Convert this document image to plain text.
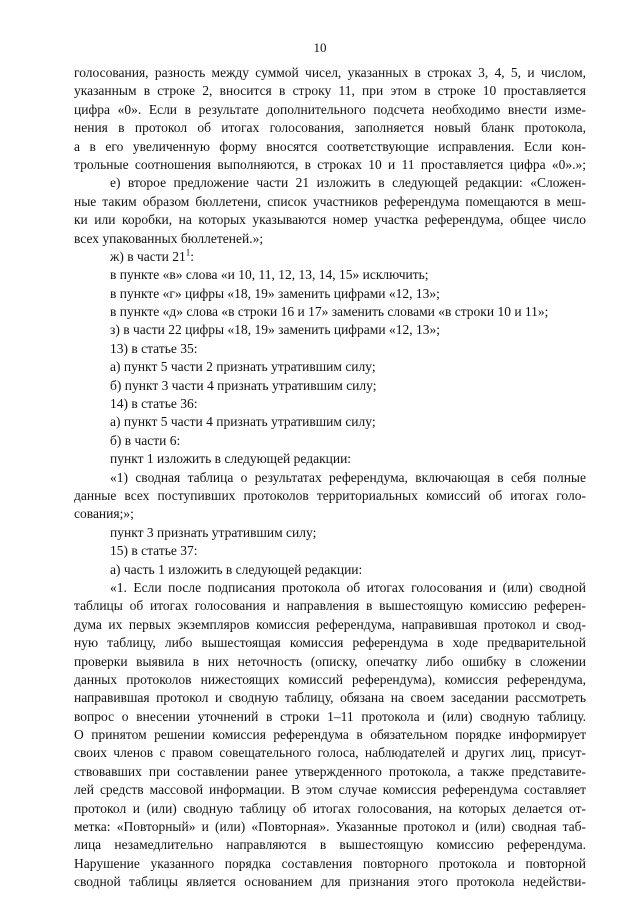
10
голосования, разность между суммой чисел, указанных в строках 3, 4, 5, и числом,
указанным в строке 2, вносится в строку 11, при этом в строке 10 проставляется
цифра «0». Если в результате дополнительного подсчета необходимо внести изме-
нения в протокол об итогах голосования, заполняется новый бланк протокола,
а в его увеличенную форму вносятся соответствующие исправления. Если кон-
трольные соотношения выполняются, в строках 10 и 11 проставляется цифра «0».»;
е) второе предложение части 21 изложить в следующей редакции: «Сложен-
ные таким образом бюллетени, список участников референдума помещаются в меш-
ки или коробки, на которых указываются номер участка референдума, общее число
всех упакованных бюллетеней.»;
ж) в части $21^1$:
в пункте «в» слова «и 10, 11, 12, 13, 14, 15» исключить;
в пункте «г» цифры «18, 19» заменить цифрами «12, 13»;
в пункте «д» слова «в строки 16 и 17» заменить словами «в строки 10 и 11»;
з) в части 22 цифры «18, 19» заменить цифрами «12, 13»;
13) в статье 35:
а) пункт 5 части 2 признать утратившим силу;
б) пункт 3 части 4 признать утратившим силу;
14) в статье 36:
а) пункт 5 части 4 признать утратившим силу;
б) в части 6:
пункт 1 изложить в следующей редакции:
«1) сводная таблица о результатах референдума, включающая в себя полные
данные всех поступивших протоколов территориальных комиссий об итогах голо-
сования;»;
пункт 3 признать утратившим силу;
15) в статье 37:
а) часть 1 изложить в следующей редакции:
«1. Если после подписания протокола об итогах голосования и (или) сводной
таблицы об итогах голосования и направления в вышестоящую комиссию референ-
дума их первых экземпляров комиссия референдума, направившая протокол и свод-
ную таблицу, либо вышестоящая комиссия референдума в ходе предварительной
проверки выявила в них неточность (описку, опечатку либо ошибку в сложении
данных протоколов нижестоящих комиссий референдума), комиссия референдума,
направившая протокол и сводную таблицу, обязана на своем заседании рассмотреть
вопрос о внесении уточнений в строки 1–11 протокола и (или) сводную таблицу.
О принятом решении комиссия референдума в обязательном порядке информирует
своих членов с правом совещательного голоса, наблюдателей и других лиц, присут-
ствовавших при составлении ранее утвержденного протокола, а также представите-
лей средств массовой информации. В этом случае комиссия референдума составляет
протокол и (или) сводную таблицу об итогах голосования, на которых делается от-
метка: «Повторный» и (или) «Повторная». Указанные протокол и (или) сводная таб-
лица незамедлительно направляются в вышестоящую комиссию референдума.
Нарушение указанного порядка составления повторного протокола и повторной
сводной таблицы является основанием для признания этого протокола недействи-
